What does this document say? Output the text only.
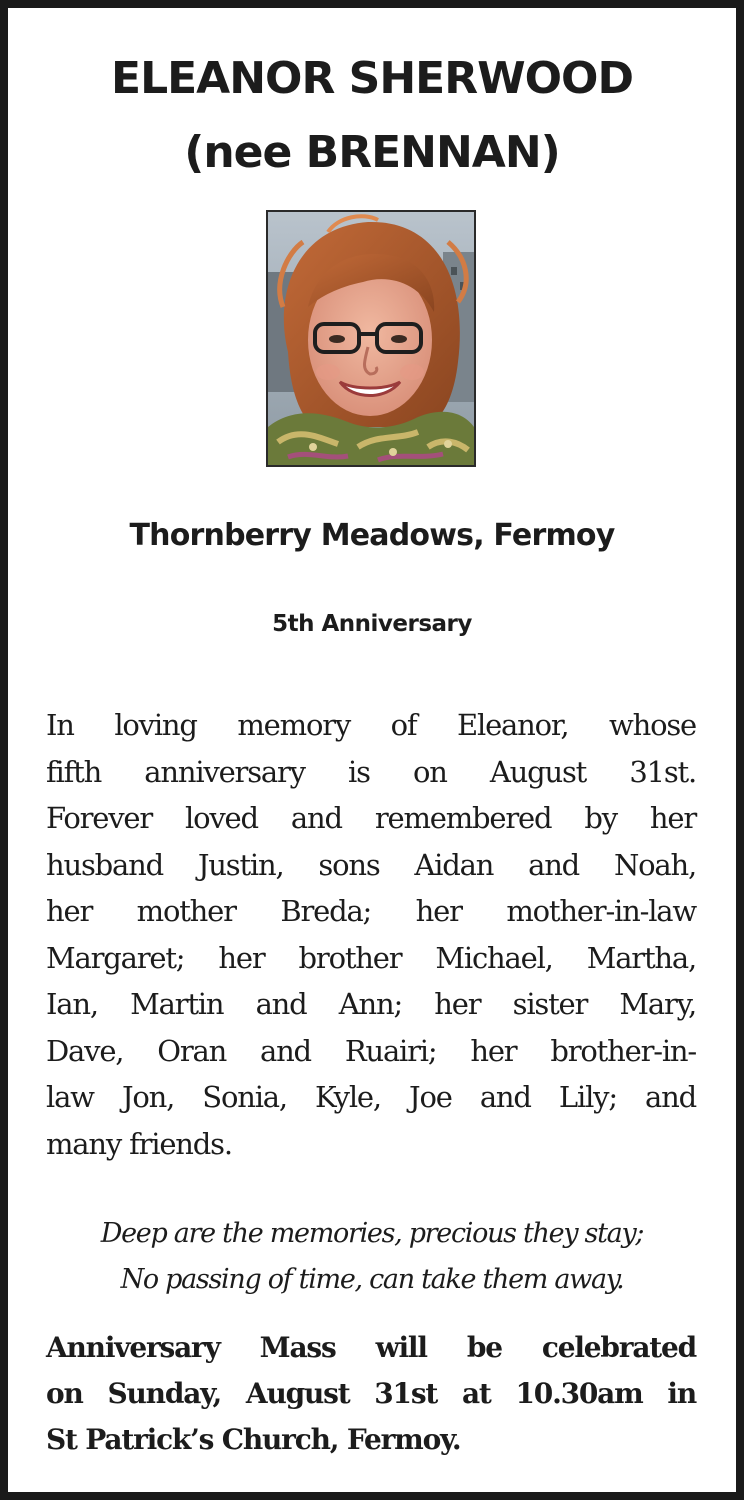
ELEANOR SHERWOOD
(nee BRENNAN)
Thornberry Meadows, Fermoy
5th Anniversary
In loving memory of Eleanor, whose
fifth anniversary is on August 31st.
Forever loved and remembered by her
husband Justin, sons Aidan and Noah,
her mother Breda; her mother-in-law
Margaret; her brother Michael, Martha,
Ian, Martin and Ann; her sister Mary,
Dave, Oran and Ruairi; her brother-in-
law Jon, Sonia, Kyle, Joe and Lily; and
many friends.
Deep are the memories, precious they stay;
No passing of time, can take them away.
Anniversary Mass will be celebrated
on Sunday, August 31st at 10.30am in
St Patrick’s Church, Fermoy.
